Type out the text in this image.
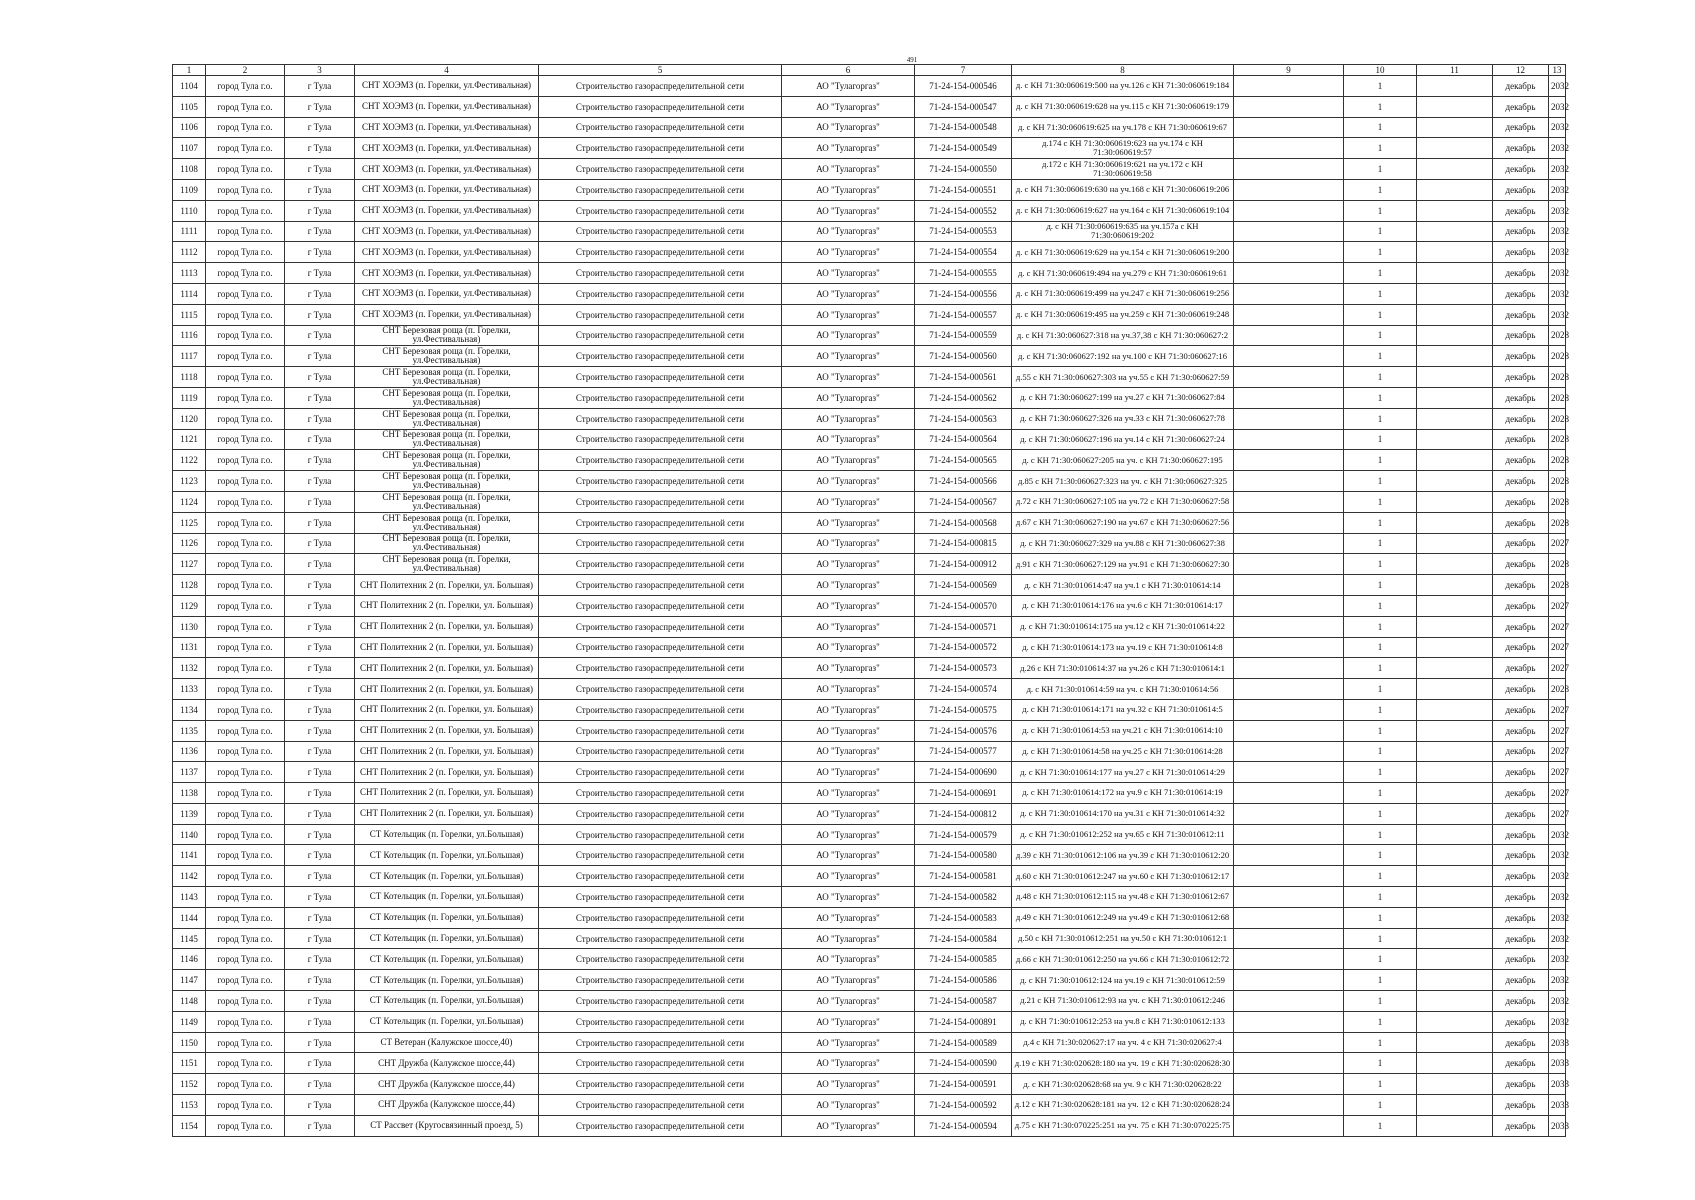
491
1	2	3	4	5	6	7	8	9	10	11	12	13
1104	город Тула г.о.	г Тула	СНТ ХОЭМЗ (п. Горелки, ул.Фестивальная)	Строительство газораспределительной сети	АО "Тулагоргаз"	71-24-154-000546	д. с КН 71:30:060619:500 на уч.126 с КН 71:30:060619:184		1		декабрь	2032
1105	город Тула г.о.	г Тула	СНТ ХОЭМЗ (п. Горелки, ул.Фестивальная)	Строительство газораспределительной сети	АО "Тулагоргаз"	71-24-154-000547	д. с КН 71:30:060619:628 на уч.115 с КН 71:30:060619:179		1		декабрь	2032
1106	город Тула г.о.	г Тула	СНТ ХОЭМЗ (п. Горелки, ул.Фестивальная)	Строительство газораспределительной сети	АО "Тулагоргаз"	71-24-154-000548	д. с КН 71:30:060619:625 на уч.178 с КН 71:30:060619:67		1		декабрь	2032
1107	город Тула г.о.	г Тула	СНТ ХОЭМЗ (п. Горелки, ул.Фестивальная)	Строительство газораспределительной сети	АО "Тулагоргаз"	71-24-154-000549	д.174 с КН 71:30:060619:623 на уч.174 с КН 71:30:060619:57		1		декабрь	2032
1108	город Тула г.о.	г Тула	СНТ ХОЭМЗ (п. Горелки, ул.Фестивальная)	Строительство газораспределительной сети	АО "Тулагоргаз"	71-24-154-000550	д.172 с КН 71:30:060619:621 на уч.172 с КН 71:30:060619:58		1		декабрь	2032
1109	город Тула г.о.	г Тула	СНТ ХОЭМЗ (п. Горелки, ул.Фестивальная)	Строительство газораспределительной сети	АО "Тулагоргаз"	71-24-154-000551	д. с КН 71:30:060619:630 на уч.168 с КН 71:30:060619:206		1		декабрь	2032
1110	город Тула г.о.	г Тула	СНТ ХОЭМЗ (п. Горелки, ул.Фестивальная)	Строительство газораспределительной сети	АО "Тулагоргаз"	71-24-154-000552	д. с КН 71:30:060619:627 на уч.164 с КН 71:30:060619:104		1		декабрь	2032
1111	город Тула г.о.	г Тула	СНТ ХОЭМЗ (п. Горелки, ул.Фестивальная)	Строительство газораспределительной сети	АО "Тулагоргаз"	71-24-154-000553	д. с КН 71:30:060619:635 на уч.157а с КН 71:30:060619:202		1		декабрь	2032
1112	город Тула г.о.	г Тула	СНТ ХОЭМЗ (п. Горелки, ул.Фестивальная)	Строительство газораспределительной сети	АО "Тулагоргаз"	71-24-154-000554	д. с КН 71:30:060619:629 на уч.154 с КН 71:30:060619:200		1		декабрь	2032
1113	город Тула г.о.	г Тула	СНТ ХОЭМЗ (п. Горелки, ул.Фестивальная)	Строительство газораспределительной сети	АО "Тулагоргаз"	71-24-154-000555	д. с КН 71:30:060619:494 на уч.279 с КН 71:30:060619:61		1		декабрь	2032
1114	город Тула г.о.	г Тула	СНТ ХОЭМЗ (п. Горелки, ул.Фестивальная)	Строительство газораспределительной сети	АО "Тулагоргаз"	71-24-154-000556	д. с КН 71:30:060619:499 на уч.247 с КН 71:30:060619:256		1		декабрь	2032
1115	город Тула г.о.	г Тула	СНТ ХОЭМЗ (п. Горелки, ул.Фестивальная)	Строительство газораспределительной сети	АО "Тулагоргаз"	71-24-154-000557	д. с КН 71:30:060619:495 на уч.259 с КН 71:30:060619:248		1		декабрь	2032
1116	город Тула г.о.	г Тула	СНТ Березовая роща (п. Горелки, ул.Фестивальная)	Строительство газораспределительной сети	АО "Тулагоргаз"	71-24-154-000559	д. с КН 71:30:060627:318 на уч.37,38 с КН 71:30:060627:2		1		декабрь	2028
1117	город Тула г.о.	г Тула	СНТ Березовая роща (п. Горелки, ул.Фестивальная)	Строительство газораспределительной сети	АО "Тулагоргаз"	71-24-154-000560	д. с КН 71:30:060627:192 на уч.100 с КН 71:30:060627:16		1		декабрь	2028
1118	город Тула г.о.	г Тула	СНТ Березовая роща (п. Горелки, ул.Фестивальная)	Строительство газораспределительной сети	АО "Тулагоргаз"	71-24-154-000561	д.55 с КН 71:30:060627:303 на уч.55 с КН 71:30:060627:59		1		декабрь	2028
1119	город Тула г.о.	г Тула	СНТ Березовая роща (п. Горелки, ул.Фестивальная)	Строительство газораспределительной сети	АО "Тулагоргаз"	71-24-154-000562	д. с КН 71:30:060627:199 на уч.27 с КН 71:30:060627:84		1		декабрь	2028
1120	город Тула г.о.	г Тула	СНТ Березовая роща (п. Горелки, ул.Фестивальная)	Строительство газораспределительной сети	АО "Тулагоргаз"	71-24-154-000563	д. с КН 71:30:060627:326 на уч.33 с КН 71:30:060627:78		1		декабрь	2028
1121	город Тула г.о.	г Тула	СНТ Березовая роща (п. Горелки, ул.Фестивальная)	Строительство газораспределительной сети	АО "Тулагоргаз"	71-24-154-000564	д. с КН 71:30:060627:196 на уч.14 с КН 71:30:060627:24		1		декабрь	2028
1122	город Тула г.о.	г Тула	СНТ Березовая роща (п. Горелки, ул.Фестивальная)	Строительство газораспределительной сети	АО "Тулагоргаз"	71-24-154-000565	д. с КН 71:30:060627:205 на уч. с КН 71:30:060627:195		1		декабрь	2028
1123	город Тула г.о.	г Тула	СНТ Березовая роща (п. Горелки, ул.Фестивальная)	Строительство газораспределительной сети	АО "Тулагоргаз"	71-24-154-000566	д.85 с КН 71:30:060627:323 на уч. с КН 71:30:060627:325		1		декабрь	2028
1124	город Тула г.о.	г Тула	СНТ Березовая роща (п. Горелки, ул.Фестивальная)	Строительство газораспределительной сети	АО "Тулагоргаз"	71-24-154-000567	д.72 с КН 71:30:060627:105 на уч.72 с КН 71:30:060627:58		1		декабрь	2028
1125	город Тула г.о.	г Тула	СНТ Березовая роща (п. Горелки, ул.Фестивальная)	Строительство газораспределительной сети	АО "Тулагоргаз"	71-24-154-000568	д.67 с КН 71:30:060627:190 на уч.67 с КН 71:30:060627:56		1		декабрь	2028
1126	город Тула г.о.	г Тула	СНТ Березовая роща (п. Горелки, ул.Фестивальная)	Строительство газораспределительной сети	АО "Тулагоргаз"	71-24-154-000815	д. с КН 71:30:060627:329 на уч.88 с КН 71:30:060627:38		1		декабрь	2027
1127	город Тула г.о.	г Тула	СНТ Березовая роща (п. Горелки, ул.Фестивальная)	Строительство газораспределительной сети	АО "Тулагоргаз"	71-24-154-000912	д.91 с КН 71:30:060627:129 на уч.91 с КН 71:30:060627:30		1		декабрь	2028
1128	город Тула г.о.	г Тула	СНТ Политехник 2 (п. Горелки, ул. Большая)	Строительство газораспределительной сети	АО "Тулагоргаз"	71-24-154-000569	д. с КН 71:30:010614:47 на уч.1 с КН 71:30:010614:14		1		декабрь	2028
1129	город Тула г.о.	г Тула	СНТ Политехник 2 (п. Горелки, ул. Большая)	Строительство газораспределительной сети	АО "Тулагоргаз"	71-24-154-000570	д. с КН 71:30:010614:176 на уч.6 с КН 71:30:010614:17		1		декабрь	2027
1130	город Тула г.о.	г Тула	СНТ Политехник 2 (п. Горелки, ул. Большая)	Строительство газораспределительной сети	АО "Тулагоргаз"	71-24-154-000571	д. с КН 71:30:010614:175 на уч.12 с КН 71:30:010614:22		1		декабрь	2027
1131	город Тула г.о.	г Тула	СНТ Политехник 2 (п. Горелки, ул. Большая)	Строительство газораспределительной сети	АО "Тулагоргаз"	71-24-154-000572	д. с КН 71:30:010614:173 на уч.19 с КН 71:30:010614:8		1		декабрь	2027
1132	город Тула г.о.	г Тула	СНТ Политехник 2 (п. Горелки, ул. Большая)	Строительство газораспределительной сети	АО "Тулагоргаз"	71-24-154-000573	д.26 с КН 71:30:010614:37 на уч.26 с КН 71:30:010614:1		1		декабрь	2027
1133	город Тула г.о.	г Тула	СНТ Политехник 2 (п. Горелки, ул. Большая)	Строительство газораспределительной сети	АО "Тулагоргаз"	71-24-154-000574	д. с КН 71:30:010614:59 на уч. с КН 71:30:010614:56		1		декабрь	2028
1134	город Тула г.о.	г Тула	СНТ Политехник 2 (п. Горелки, ул. Большая)	Строительство газораспределительной сети	АО "Тулагоргаз"	71-24-154-000575	д. с КН 71:30:010614:171 на уч.32 с КН 71:30:010614:5		1		декабрь	2027
1135	город Тула г.о.	г Тула	СНТ Политехник 2 (п. Горелки, ул. Большая)	Строительство газораспределительной сети	АО "Тулагоргаз"	71-24-154-000576	д. с КН 71:30:010614:53 на уч.21 с КН 71:30:010614:10		1		декабрь	2027
1136	город Тула г.о.	г Тула	СНТ Политехник 2 (п. Горелки, ул. Большая)	Строительство газораспределительной сети	АО "Тулагоргаз"	71-24-154-000577	д. с КН 71:30:010614:58 на уч.25 с КН 71:30:010614:28		1		декабрь	2027
1137	город Тула г.о.	г Тула	СНТ Политехник 2 (п. Горелки, ул. Большая)	Строительство газораспределительной сети	АО "Тулагоргаз"	71-24-154-000690	д. с КН 71:30:010614:177 на уч.27 с КН 71:30:010614:29		1		декабрь	2027
1138	город Тула г.о.	г Тула	СНТ Политехник 2 (п. Горелки, ул. Большая)	Строительство газораспределительной сети	АО "Тулагоргаз"	71-24-154-000691	д. с КН 71:30:010614:172 на уч.9 с КН 71:30:010614:19		1		декабрь	2027
1139	город Тула г.о.	г Тула	СНТ Политехник 2 (п. Горелки, ул. Большая)	Строительство газораспределительной сети	АО "Тулагоргаз"	71-24-154-000812	д. с КН 71:30:010614:170 на уч.31 с КН 71:30:010614:32		1		декабрь	2027
1140	город Тула г.о.	г Тула	СТ Котельщик (п. Горелки, ул.Большая)	Строительство газораспределительной сети	АО "Тулагоргаз"	71-24-154-000579	д. с КН 71:30:010612:252 на уч.65 с КН 71:30:010612:11		1		декабрь	2032
1141	город Тула г.о.	г Тула	СТ Котельщик (п. Горелки, ул.Большая)	Строительство газораспределительной сети	АО "Тулагоргаз"	71-24-154-000580	д.39 с КН 71:30:010612:106 на уч.39 с КН 71:30:010612:20		1		декабрь	2032
1142	город Тула г.о.	г Тула	СТ Котельщик (п. Горелки, ул.Большая)	Строительство газораспределительной сети	АО "Тулагоргаз"	71-24-154-000581	д.60 с КН 71:30:010612:247 на уч.60 с КН 71:30:010612:17		1		декабрь	2032
1143	город Тула г.о.	г Тула	СТ Котельщик (п. Горелки, ул.Большая)	Строительство газораспределительной сети	АО "Тулагоргаз"	71-24-154-000582	д.48 с КН 71:30:010612:115 на уч.48 с КН 71:30:010612:67		1		декабрь	2032
1144	город Тула г.о.	г Тула	СТ Котельщик (п. Горелки, ул.Большая)	Строительство газораспределительной сети	АО "Тулагоргаз"	71-24-154-000583	д.49 с КН 71:30:010612:249 на уч.49 с КН 71:30:010612:68		1		декабрь	2032
1145	город Тула г.о.	г Тула	СТ Котельщик (п. Горелки, ул.Большая)	Строительство газораспределительной сети	АО "Тулагоргаз"	71-24-154-000584	д.50 с КН 71:30:010612:251 на уч.50 с КН 71:30:010612:1		1		декабрь	2032
1146	город Тула г.о.	г Тула	СТ Котельщик (п. Горелки, ул.Большая)	Строительство газораспределительной сети	АО "Тулагоргаз"	71-24-154-000585	д.66 с КН 71:30:010612:250 на уч.66 с КН 71:30:010612:72		1		декабрь	2032
1147	город Тула г.о.	г Тула	СТ Котельщик (п. Горелки, ул.Большая)	Строительство газораспределительной сети	АО "Тулагоргаз"	71-24-154-000586	д. с КН 71:30:010612:124 на уч.19 с КН 71:30:010612:59		1		декабрь	2032
1148	город Тула г.о.	г Тула	СТ Котельщик (п. Горелки, ул.Большая)	Строительство газораспределительной сети	АО "Тулагоргаз"	71-24-154-000587	д.21 с КН 71:30:010612:93 на уч. с КН 71:30:010612:246		1		декабрь	2032
1149	город Тула г.о.	г Тула	СТ Котельщик (п. Горелки, ул.Большая)	Строительство газораспределительной сети	АО "Тулагоргаз"	71-24-154-000891	д. с КН 71:30:010612:253 на уч.8 с КН 71:30:010612:133		1		декабрь	2032
1150	город Тула г.о.	г Тула	СТ Ветеран (Калужское шоссе,40)	Строительство газораспределительной сети	АО "Тулагоргаз"	71-24-154-000589	д.4 с КН 71:30:020627:17 на уч. 4 с КН 71:30:020627:4		1		декабрь	2033
1151	город Тула г.о.	г Тула	СНТ Дружба (Калужское шоссе,44)	Строительство газораспределительной сети	АО "Тулагоргаз"	71-24-154-000590	д.19 с КН 71:30:020628:180 на уч. 19 с КН 71:30:020628:30		1		декабрь	2033
1152	город Тула г.о.	г Тула	СНТ Дружба (Калужское шоссе,44)	Строительство газораспределительной сети	АО "Тулагоргаз"	71-24-154-000591	д. с КН 71:30:020628:68 на уч. 9 с КН 71:30:020628:22		1		декабрь	2033
1153	город Тула г.о.	г Тула	СНТ Дружба (Калужское шоссе,44)	Строительство газораспределительной сети	АО "Тулагоргаз"	71-24-154-000592	д.12 с КН 71:30:020628:181 на уч. 12 с КН 71:30:020628:24		1		декабрь	2033
1154	город Тула г.о.	г Тула	СТ Рассвет (Кругосвязинный проезд, 5)	Строительство газораспределительной сети	АО "Тулагоргаз"	71-24-154-000594	д.75 с КН 71:30:070225:251 на уч. 75 с КН 71:30:070225:75		1		декабрь	2033
